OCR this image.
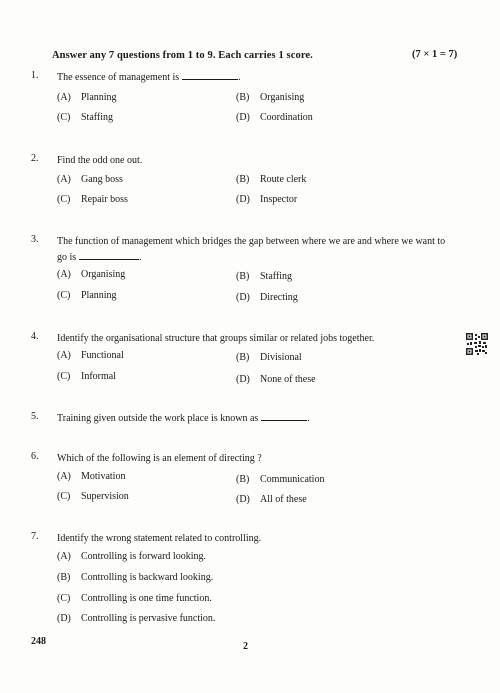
Answer any 7 questions from 1 to 9. Each carries 1 score.	(7 × 1 = 7)
1. The essence of management is	.
(A) Planning	(B) Organising
(C) Staffing	(D) Coordination
2. Find the odd one out.
(A) Gang boss	(B) Route clerk
(C) Repair boss	(D) Inspector
3. The function of management which bridges the gap between where we are and where we want to go is	.
(A) Organising	(B) Staffing
(C) Planning	(D) Directing
4. Identify the organisational structure that groups similar or related jobs together.
(A) Functional	(B) Divisional
(C) Informal	(D) None of these
5. Training given outside the work place is known as	.
6. Which of the following is an element of directing ?
(A) Motivation	(B) Communication
(C) Supervision	(D) All of these
7. Identify the wrong statement related to controlling.
(A) Controlling is forward looking.
(B) Controlling is backward looking.
(C) Controlling is one time function.
(D) Controlling is pervasive function.
248	2
